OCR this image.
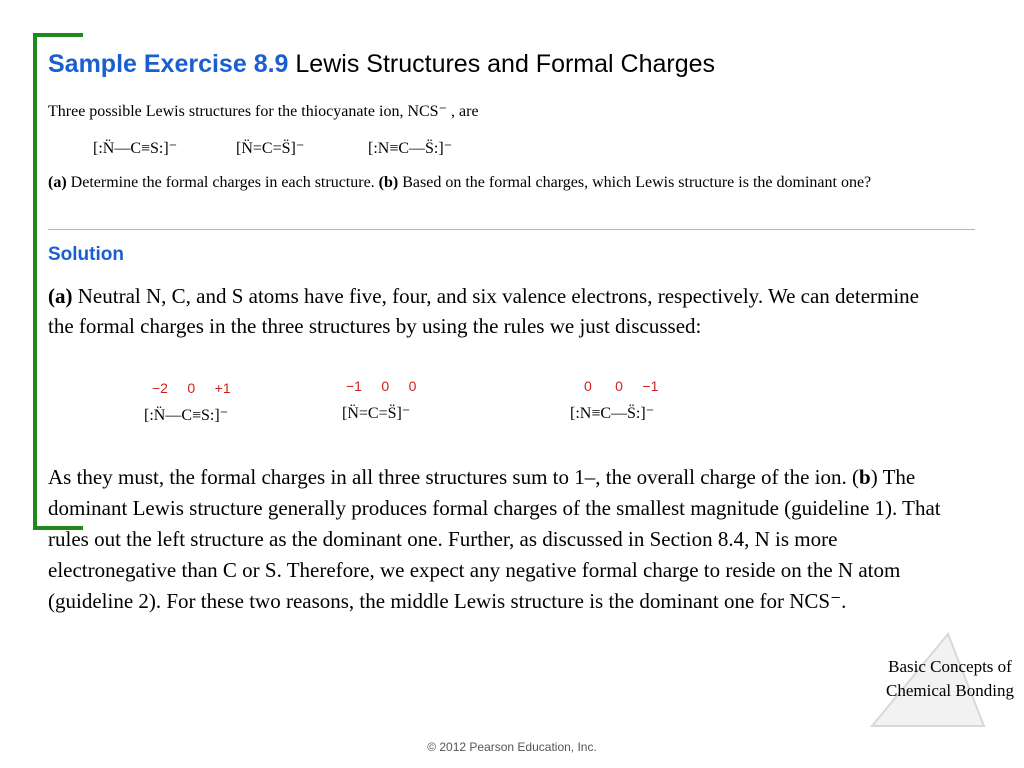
Sample Exercise 8.9 Lewis Structures and Formal Charges
Three possible Lewis structures for the thiocyanate ion, NCS⁻ , are
[:N̈—C≡S:]⁻	[N̈=C=S̈]⁻	[:N≡C—S̈:]⁻
(a) Determine the formal charges in each structure. (b) Based on the formal charges, which Lewis structure is the dominant one?
Solution
(a) Neutral N, C, and S atoms have five, four, and six valence electrons, respectively. We can determine the formal charges in the three structures by using the rules we just discussed:
−2 0 +1
[:N̈—C≡S:]⁻
−1 0 0
[N̈=C=S̈]⁻
0 0 −1
[:N≡C—S̈:]⁻
As they must, the formal charges in all three structures sum to 1–, the overall charge of the ion. (b) The dominant Lewis structure generally produces formal charges of the smallest magnitude (guideline 1). That rules out the left structure as the dominant one. Further, as discussed in Section 8.4, N is more electronegative than C or S. Therefore, we expect any negative formal charge to reside on the N atom (guideline 2). For these two reasons, the middle Lewis structure is the dominant one for NCS⁻.
Basic Concepts of Chemical Bonding
© 2012 Pearson Education, Inc.
